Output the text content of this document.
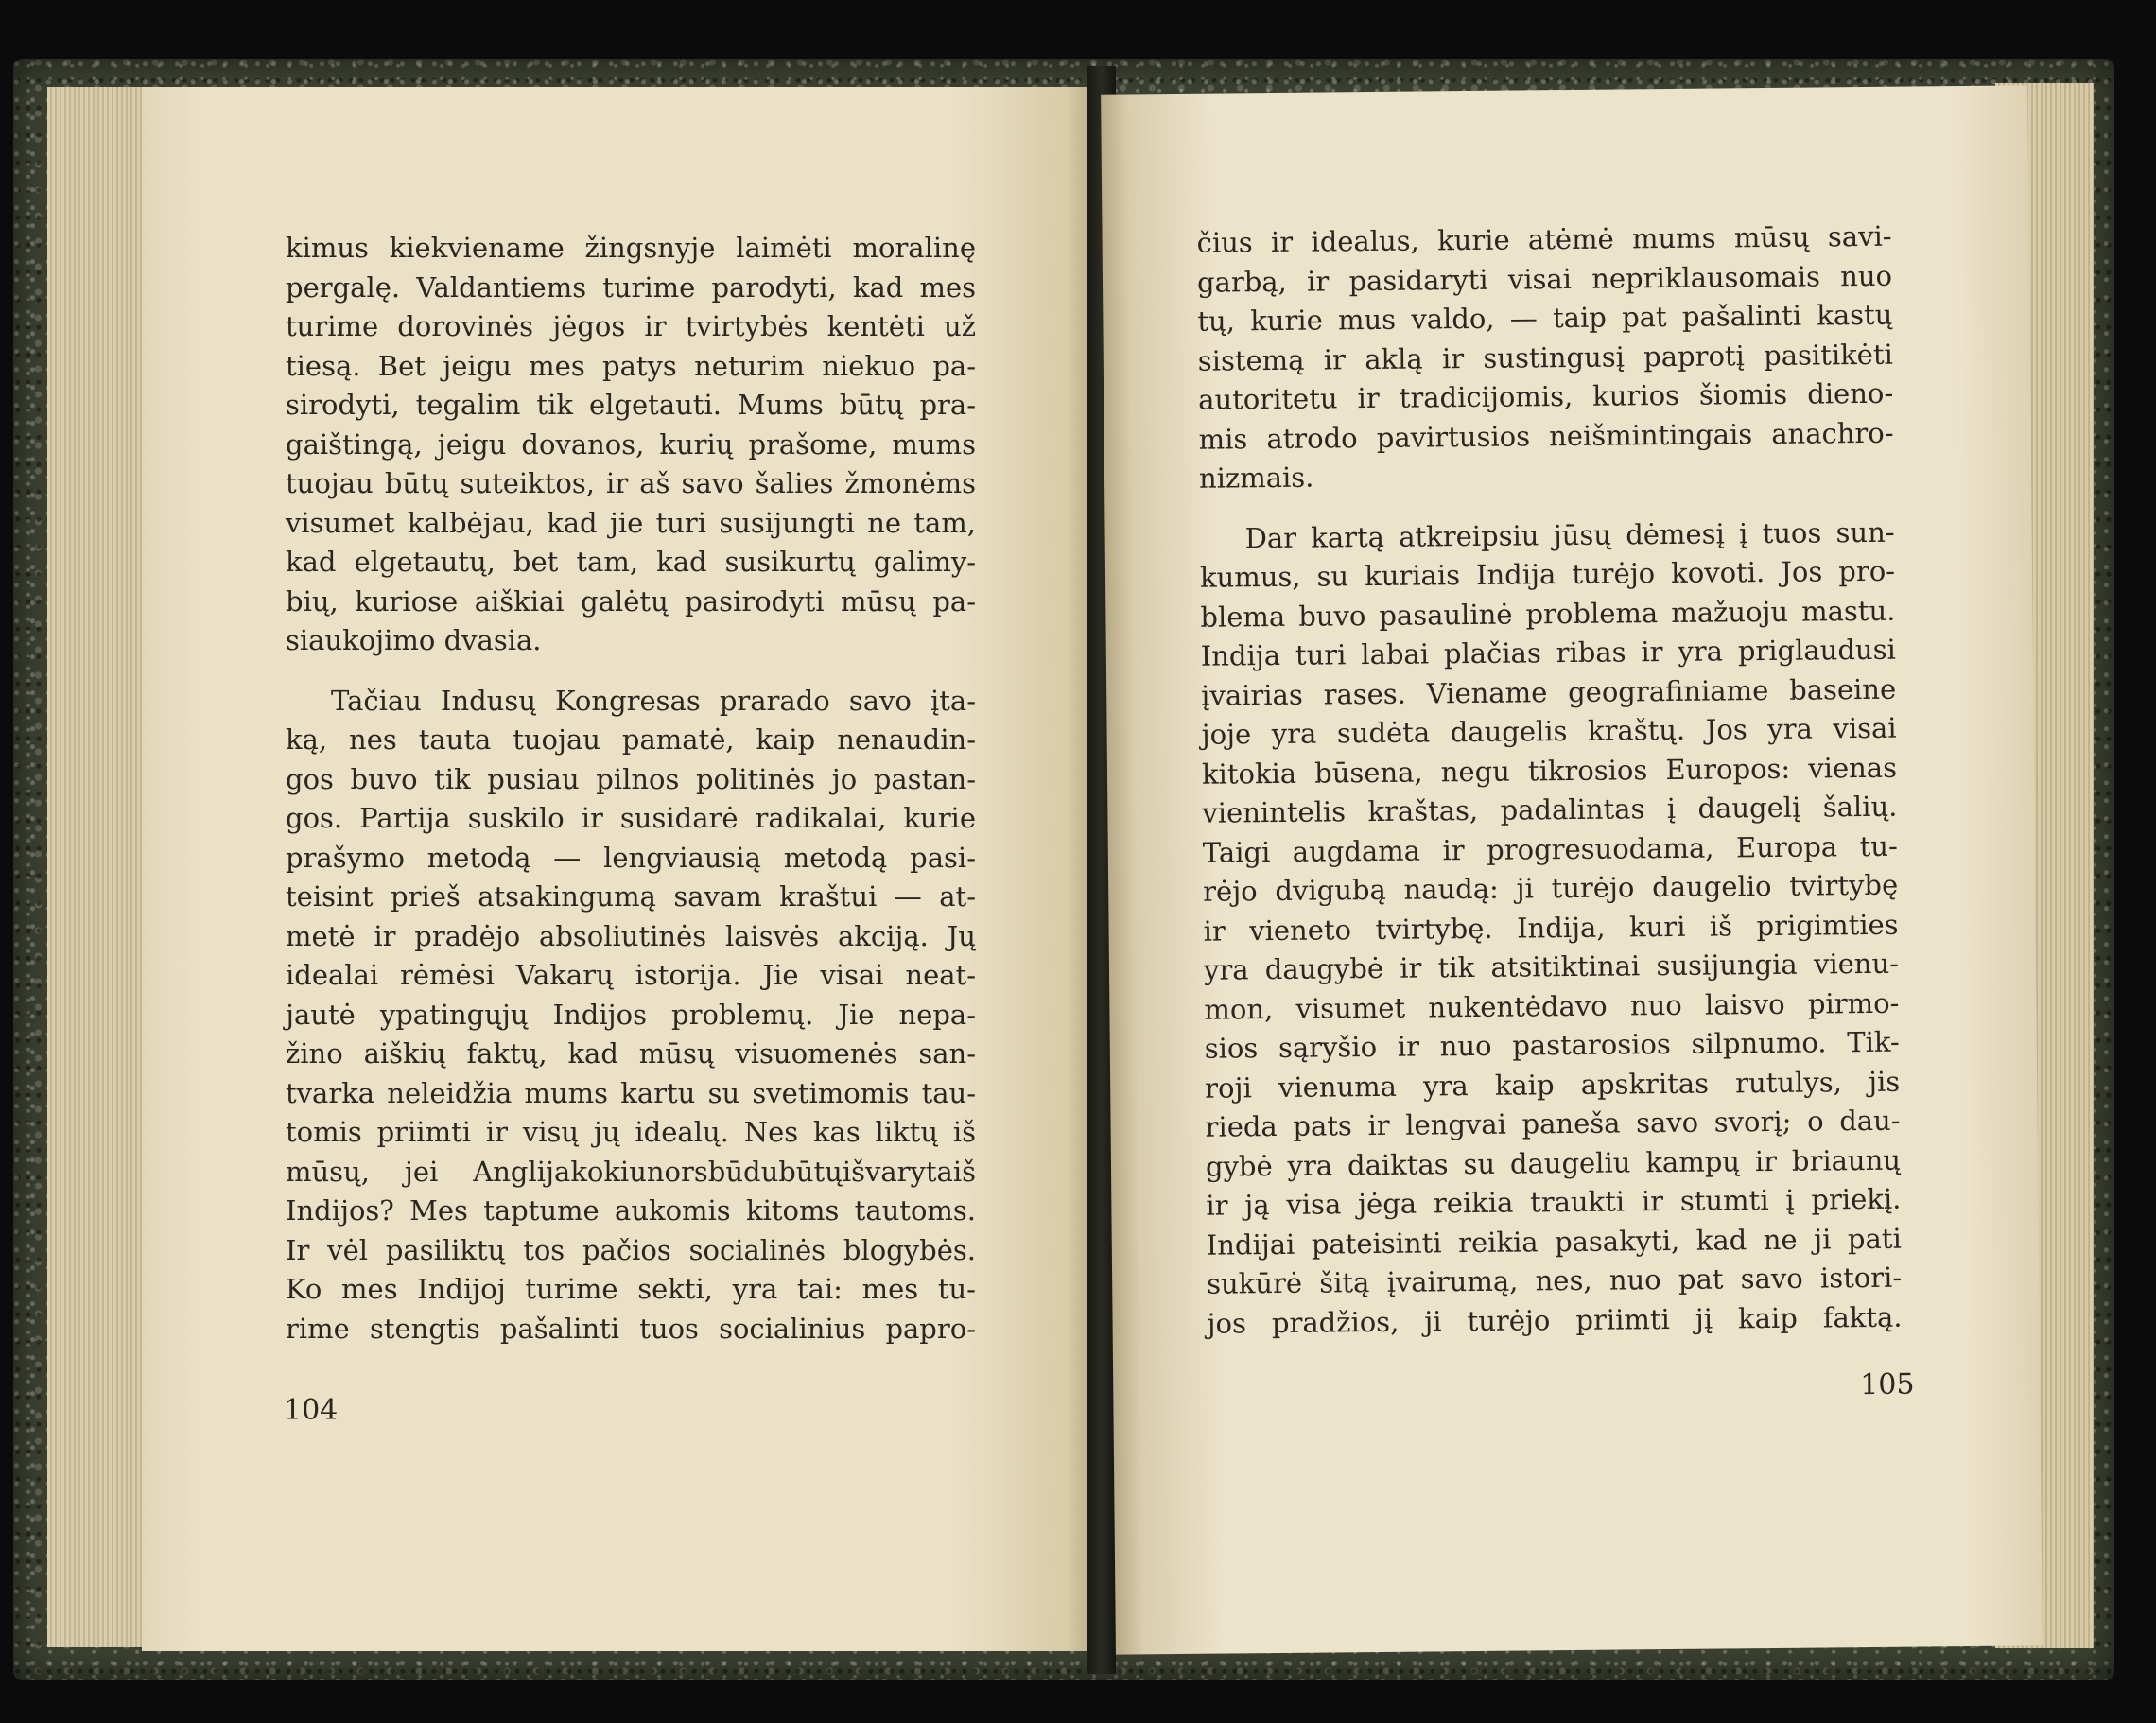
kimus kiekviename žingsnyje laimėti moralinę
pergalę. Valdantiems turime parodyti, kad mes
turime dorovinės jėgos ir tvirtybės kentėti už
tiesą. Bet jeigu mes patys neturim niekuo pa-
sirodyti, tegalim tik elgetauti. Mums būtų pra-
gaištingą, jeigu dovanos, kurių prašome, mums
tuojau būtų suteiktos, ir aš savo šalies žmonėms
visumet kalbėjau, kad jie turi susijungti ne tam,
kad elgetautų, bet tam, kad susikurtų galimy-
bių, kuriose aiškiai galėtų pasirodyti mūsų pa-
siaukojimo dvasia.
Tačiau Indusų Kongresas prarado savo įta-
ką, nes tauta tuojau pamatė, kaip nenaudin-
gos buvo tik pusiau pilnos politinės jo pastan-
gos. Partija suskilo ir susidarė radikalai, kurie
prašymo metodą — lengviausią metodą pasi-
teisint prieš atsakingumą savam kraštui — at-
metė ir pradėjo absoliutinės laisvės akciją. Jų
idealai rėmėsi Vakarų istorija. Jie visai neat-
jautė ypatingųjų Indijos problemų. Jie nepa-
žino aiškių faktų, kad mūsų visuomenės san-
tvarka neleidžia mums kartu su svetimomis tau-
tomis priimti ir visų jų idealų. Nes kas liktų iš
mūsų, jei Anglijakokiunorsbūdubūtųišvarytaiš
Indijos? Mes taptume aukomis kitoms tautoms.
Ir vėl pasiliktų tos pačios socialinės blogybės.
Ko mes Indijoj turime sekti, yra tai: mes tu-
rime stengtis pašalinti tuos socialinius papro-
104
čius ir idealus, kurie atėmė mums mūsų savi-
garbą, ir pasidaryti visai nepriklausomais nuo
tų, kurie mus valdo, — taip pat pašalinti kastų
sistemą ir aklą ir sustingusį paprotį pasitikėti
autoritetu ir tradicijomis, kurios šiomis dieno-
mis atrodo pavirtusios neišmintingais anachro-
nizmais.
Dar kartą atkreipsiu jūsų dėmesį į tuos sun-
kumus, su kuriais Indija turėjo kovoti. Jos pro-
blema buvo pasaulinė problema mažuoju mastu.
Indija turi labai plačias ribas ir yra priglaudusi
įvairias rases. Viename geografiniame baseine
joje yra sudėta daugelis kraštų. Jos yra visai
kitokia būsena, negu tikrosios Europos: vienas
vienintelis kraštas, padalintas į daugelį šalių.
Taigi augdama ir progresuodama, Europa tu-
rėjo dvigubą naudą: ji turėjo daugelio tvirtybę
ir vieneto tvirtybę. Indija, kuri iš prigimties
yra daugybė ir tik atsitiktinai susijungia vienu-
mon, visumet nukentėdavo nuo laisvo pirmo-
sios sąryšio ir nuo pastarosios silpnumo. Tik-
roji vienuma yra kaip apskritas rutulys, jis
rieda pats ir lengvai paneša savo svorį; o dau-
gybė yra daiktas su daugeliu kampų ir briaunų
ir ją visa jėga reikia traukti ir stumti į priekį.
Indijai pateisinti reikia pasakyti, kad ne ji pati
sukūrė šitą įvairumą, nes, nuo pat savo istori-
jos pradžios, ji turėjo priimti jį kaip faktą.
105
